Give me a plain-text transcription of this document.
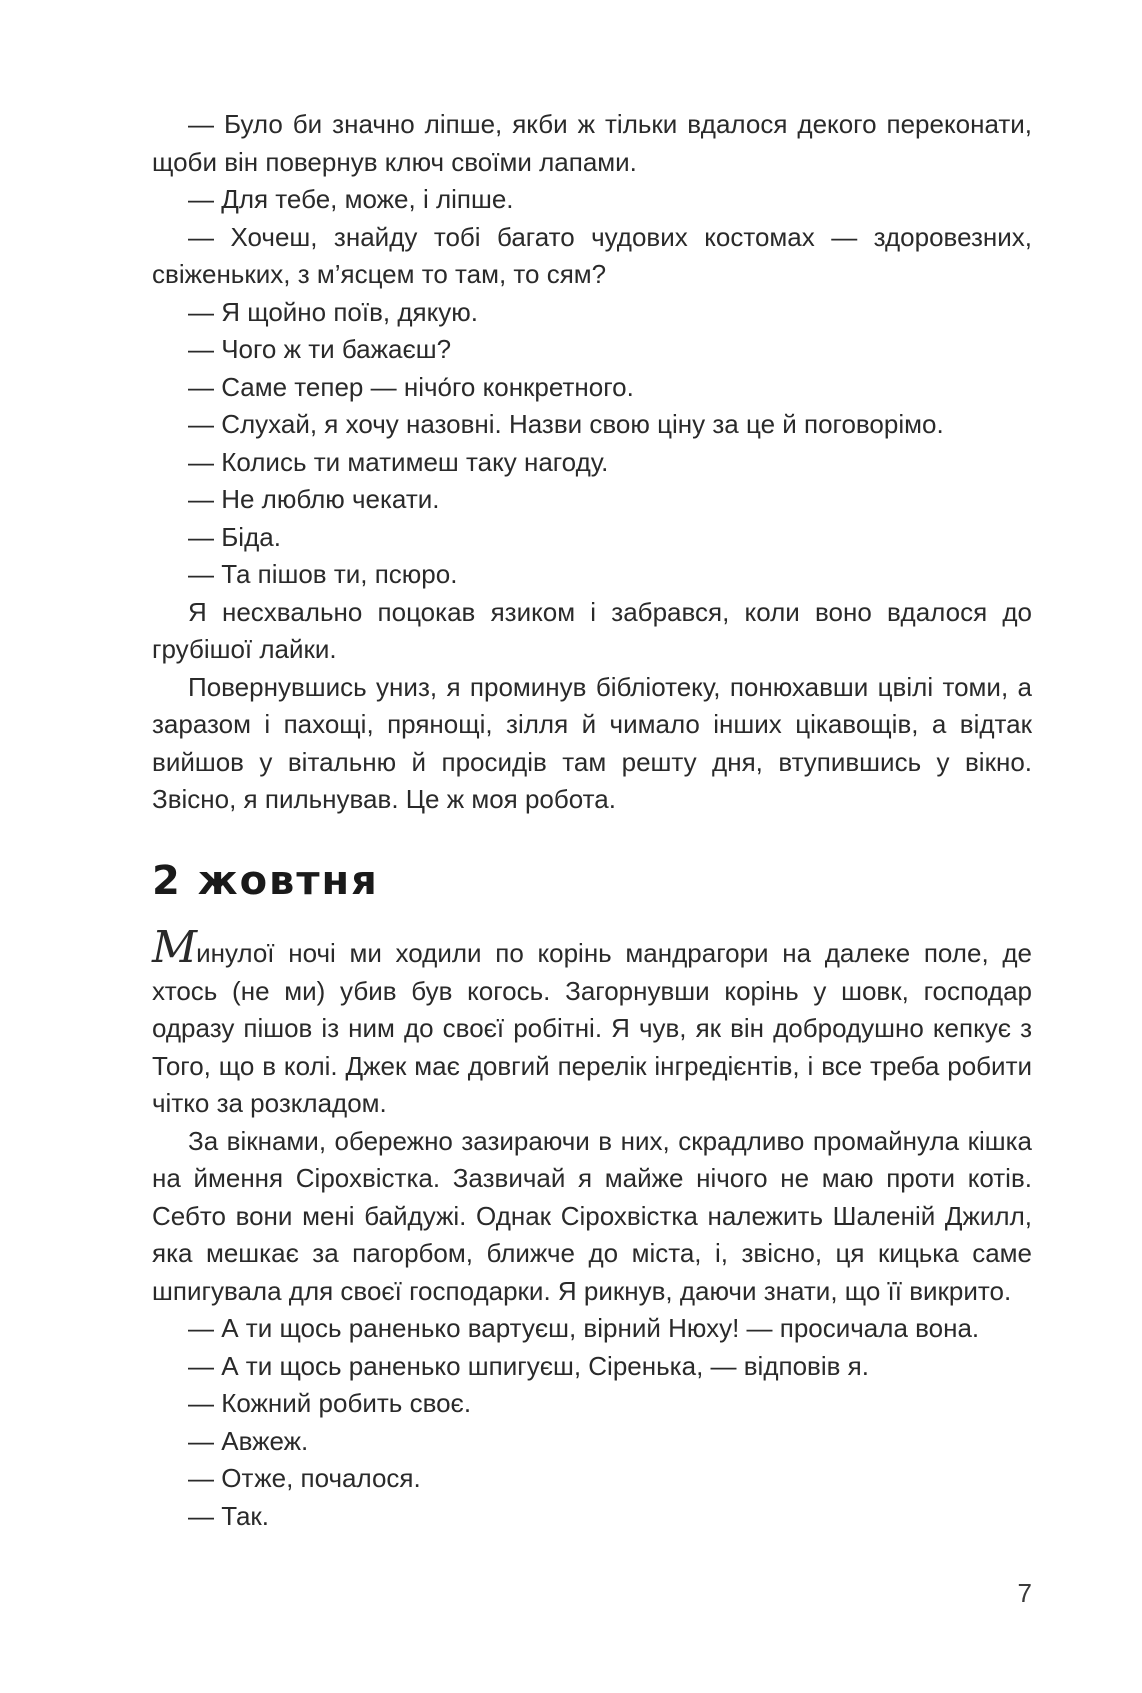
— Було би значно ліпше, якби ж тільки вдалося декого переконати, щоби він повернув ключ своїми лапами.

— Для тебе, може, і ліпше.

— Хочеш, знайду тобі багато чудових костомах — здоровезних, свіженьких, з м’ясцем то там, то сям?

— Я щойно поїв, дякую.

— Чого ж ти бажаєш?

— Саме тепер — нічо́го конкретного.

— Слухай, я хочу назовні. Назви свою ціну за це й поговорімо.

— Колись ти матимеш таку нагоду.

— Не люблю чекати.

— Біда.

— Та пішов ти, псюро.

Я несхвально поцокав язиком і забрався, коли воно вдалося до грубішої лайки.

Повернувшись униз, я проминув бібліотеку, понюхавши цвілі томи, а заразом і пахощі, прянощі, зілля й чимало інших цікавощів, а відтак вийшов у вітальню й просидів там решту дня, втупившись у вікно. Звісно, я пильнував. Це ж моя робота.

2 жовтня

Минулої ночі ми ходили по корінь мандрагори на далеке поле, де хтось (не ми) убив був когось. Загорнувши корінь у шовк, господар одразу пішов із ним до своєї робітні. Я чув, як він добродушно кепкує з Того, що в колі. Джек має довгий перелік інгредієнтів, і все треба робити чітко за розкладом.

За вікнами, обережно зазираючи в них, скрадливо промайнула кішка на ймення Сірохвістка. Зазвичай я майже нічого не маю проти котів. Себто вони мені байдужі. Однак Сірохвістка належить Шаленій Джилл, яка мешкає за пагорбом, ближче до міста, і, звісно, ця кицька саме шпигувала для своєї господарки. Я рикнув, даючи знати, що її викрито.

— А ти щось раненько вартуєш, вірний Нюху! — просичала вона.

— А ти щось раненько шпигуєш, Сіренька, — відповів я.

— Кожний робить своє.

— Авжеж.

— Отже, почалося.

— Так.

7
